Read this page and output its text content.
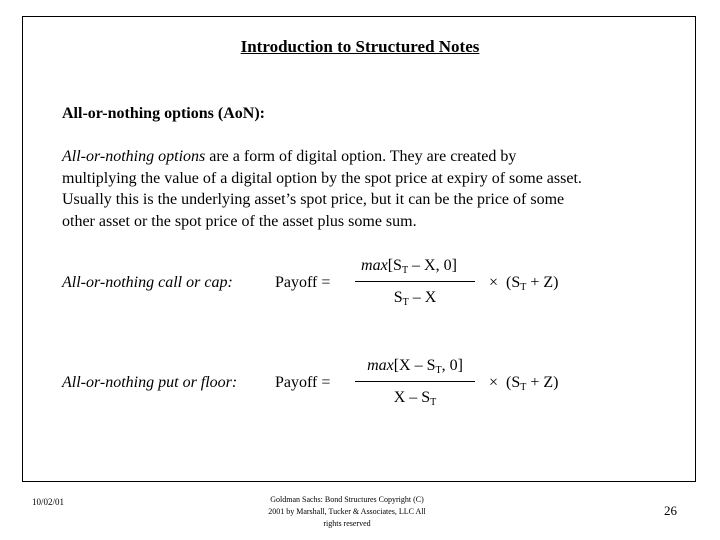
Introduction to Structured Notes
All-or-nothing options (AoN):
All-or-nothing options are a form of digital option. They are created by
multiplying the value of a digital option by the spot price at expiry of some asset.
Usually this is the underlying asset’s spot price, but it can be the price of some
other asset or the spot price of the asset plus some sum.
All-or-nothing call or cap:	Payoff =
$\max[S_T$ – X, 0]
$S_T$ – X
× $(S_T + Z)$
All-or-nothing put or floor: Payoff =
$\max[X - S_T$, 0]
X – $S_T$
× $(S_T + Z)$
10/02/01	Goldman Sachs: Bond Structures Copyright (C)
2001 by Marshall, Tucker & Associates, LLC All
rights reserved
26
